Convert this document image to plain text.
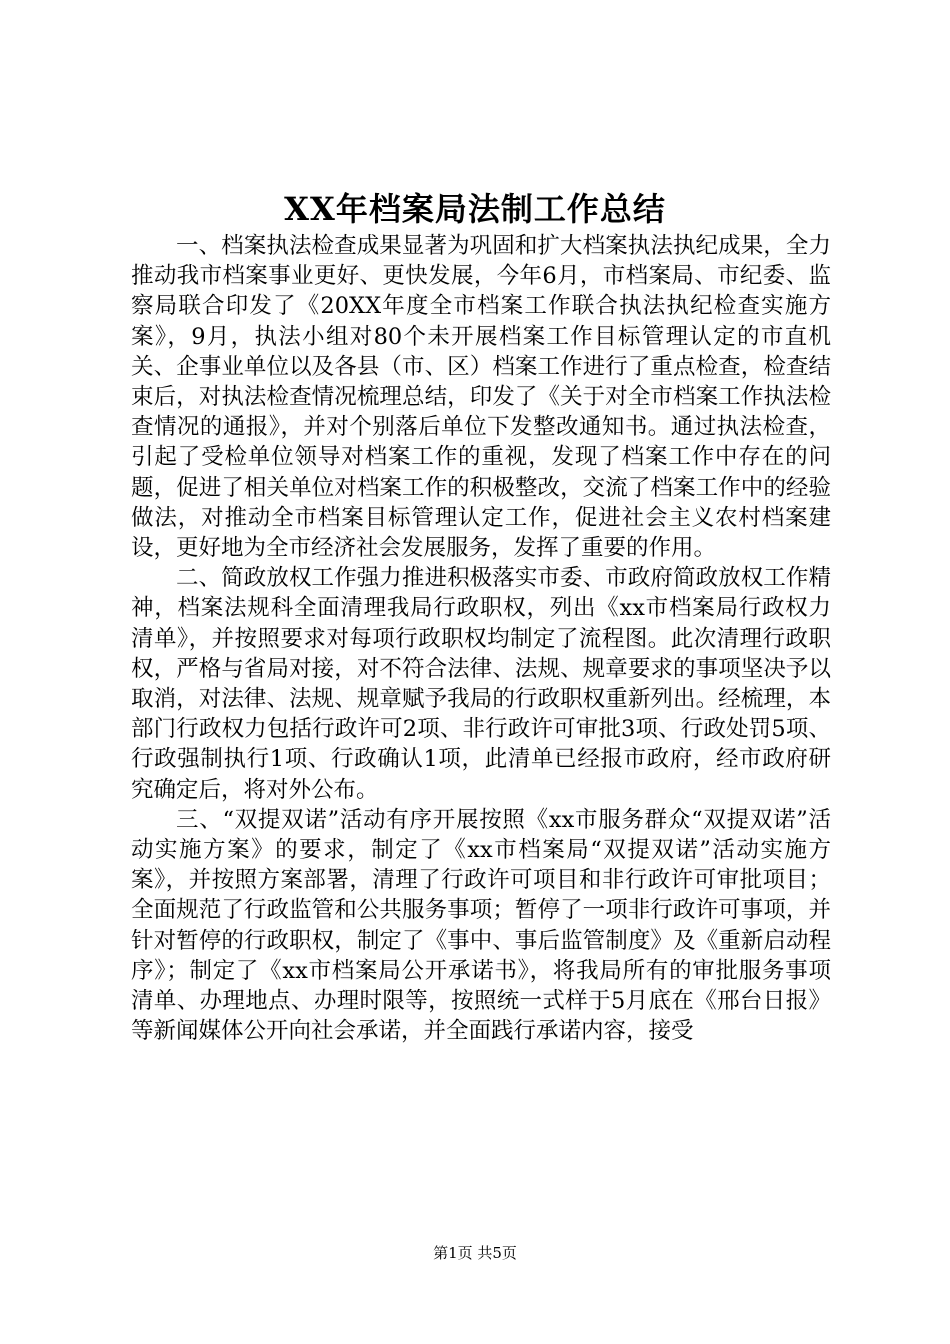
XX年档案局法制工作总结

一、档案执法检查成果显著为巩固和扩大档案执法执纪成果，全力推动我市档案事业更好、更快发展，今年6月，市档案局、市纪委、监察局联合印发了《20XX年度全市档案工作联合执法执纪检查实施方案》，9月，执法小组对80个未开展档案工作目标管理认定的市直机关、企事业单位以及各县（市、区）档案工作进行了重点检查，检查结束后，对执法检查情况梳理总结，印发了《关于对全市档案工作执法检查情况的通报》，并对个别落后单位下发整改通知书。通过执法检查，引起了受检单位领导对档案工作的重视，发现了档案工作中存在的问题，促进了相关单位对档案工作的积极整改，交流了档案工作中的经验做法，对推动全市档案目标管理认定工作，促进社会主义农村档案建设，更好地为全市经济社会发展服务，发挥了重要的作用。

二、简政放权工作强力推进积极落实市委、市政府简政放权工作精神，档案法规科全面清理我局行政职权，列出《xx市档案局行政权力清单》，并按照要求对每项行政职权均制定了流程图。此次清理行政职权，严格与省局对接，对不符合法律、法规、规章要求的事项坚决予以取消，对法律、法规、规章赋予我局的行政职权重新列出。经梳理，本部门行政权力包括行政许可2项、非行政许可审批3项、行政处罚5项、行政强制执行1项、行政确认1项，此清单已经报市政府，经市政府研究确定后，将对外公布。

三、“双提双诺”活动有序开展按照《xx市服务群众“双提双诺”活动实施方案》的要求，制定了《xx市档案局“双提双诺”活动实施方案》，并按照方案部署，清理了行政许可项目和非行政许可审批项目；全面规范了行政监管和公共服务事项；暂停了一项非行政许可事项，并针对暂停的行政职权，制定了《事中、事后监管制度》及《重新启动程序》；制定了《xx市档案局公开承诺书》，将我局所有的审批服务事项清单、办理地点、办理时限等，按照统一式样于5月底在《邢台日报》等新闻媒体公开向社会承诺，并全面践行承诺内容，接受

第1页 共5页
